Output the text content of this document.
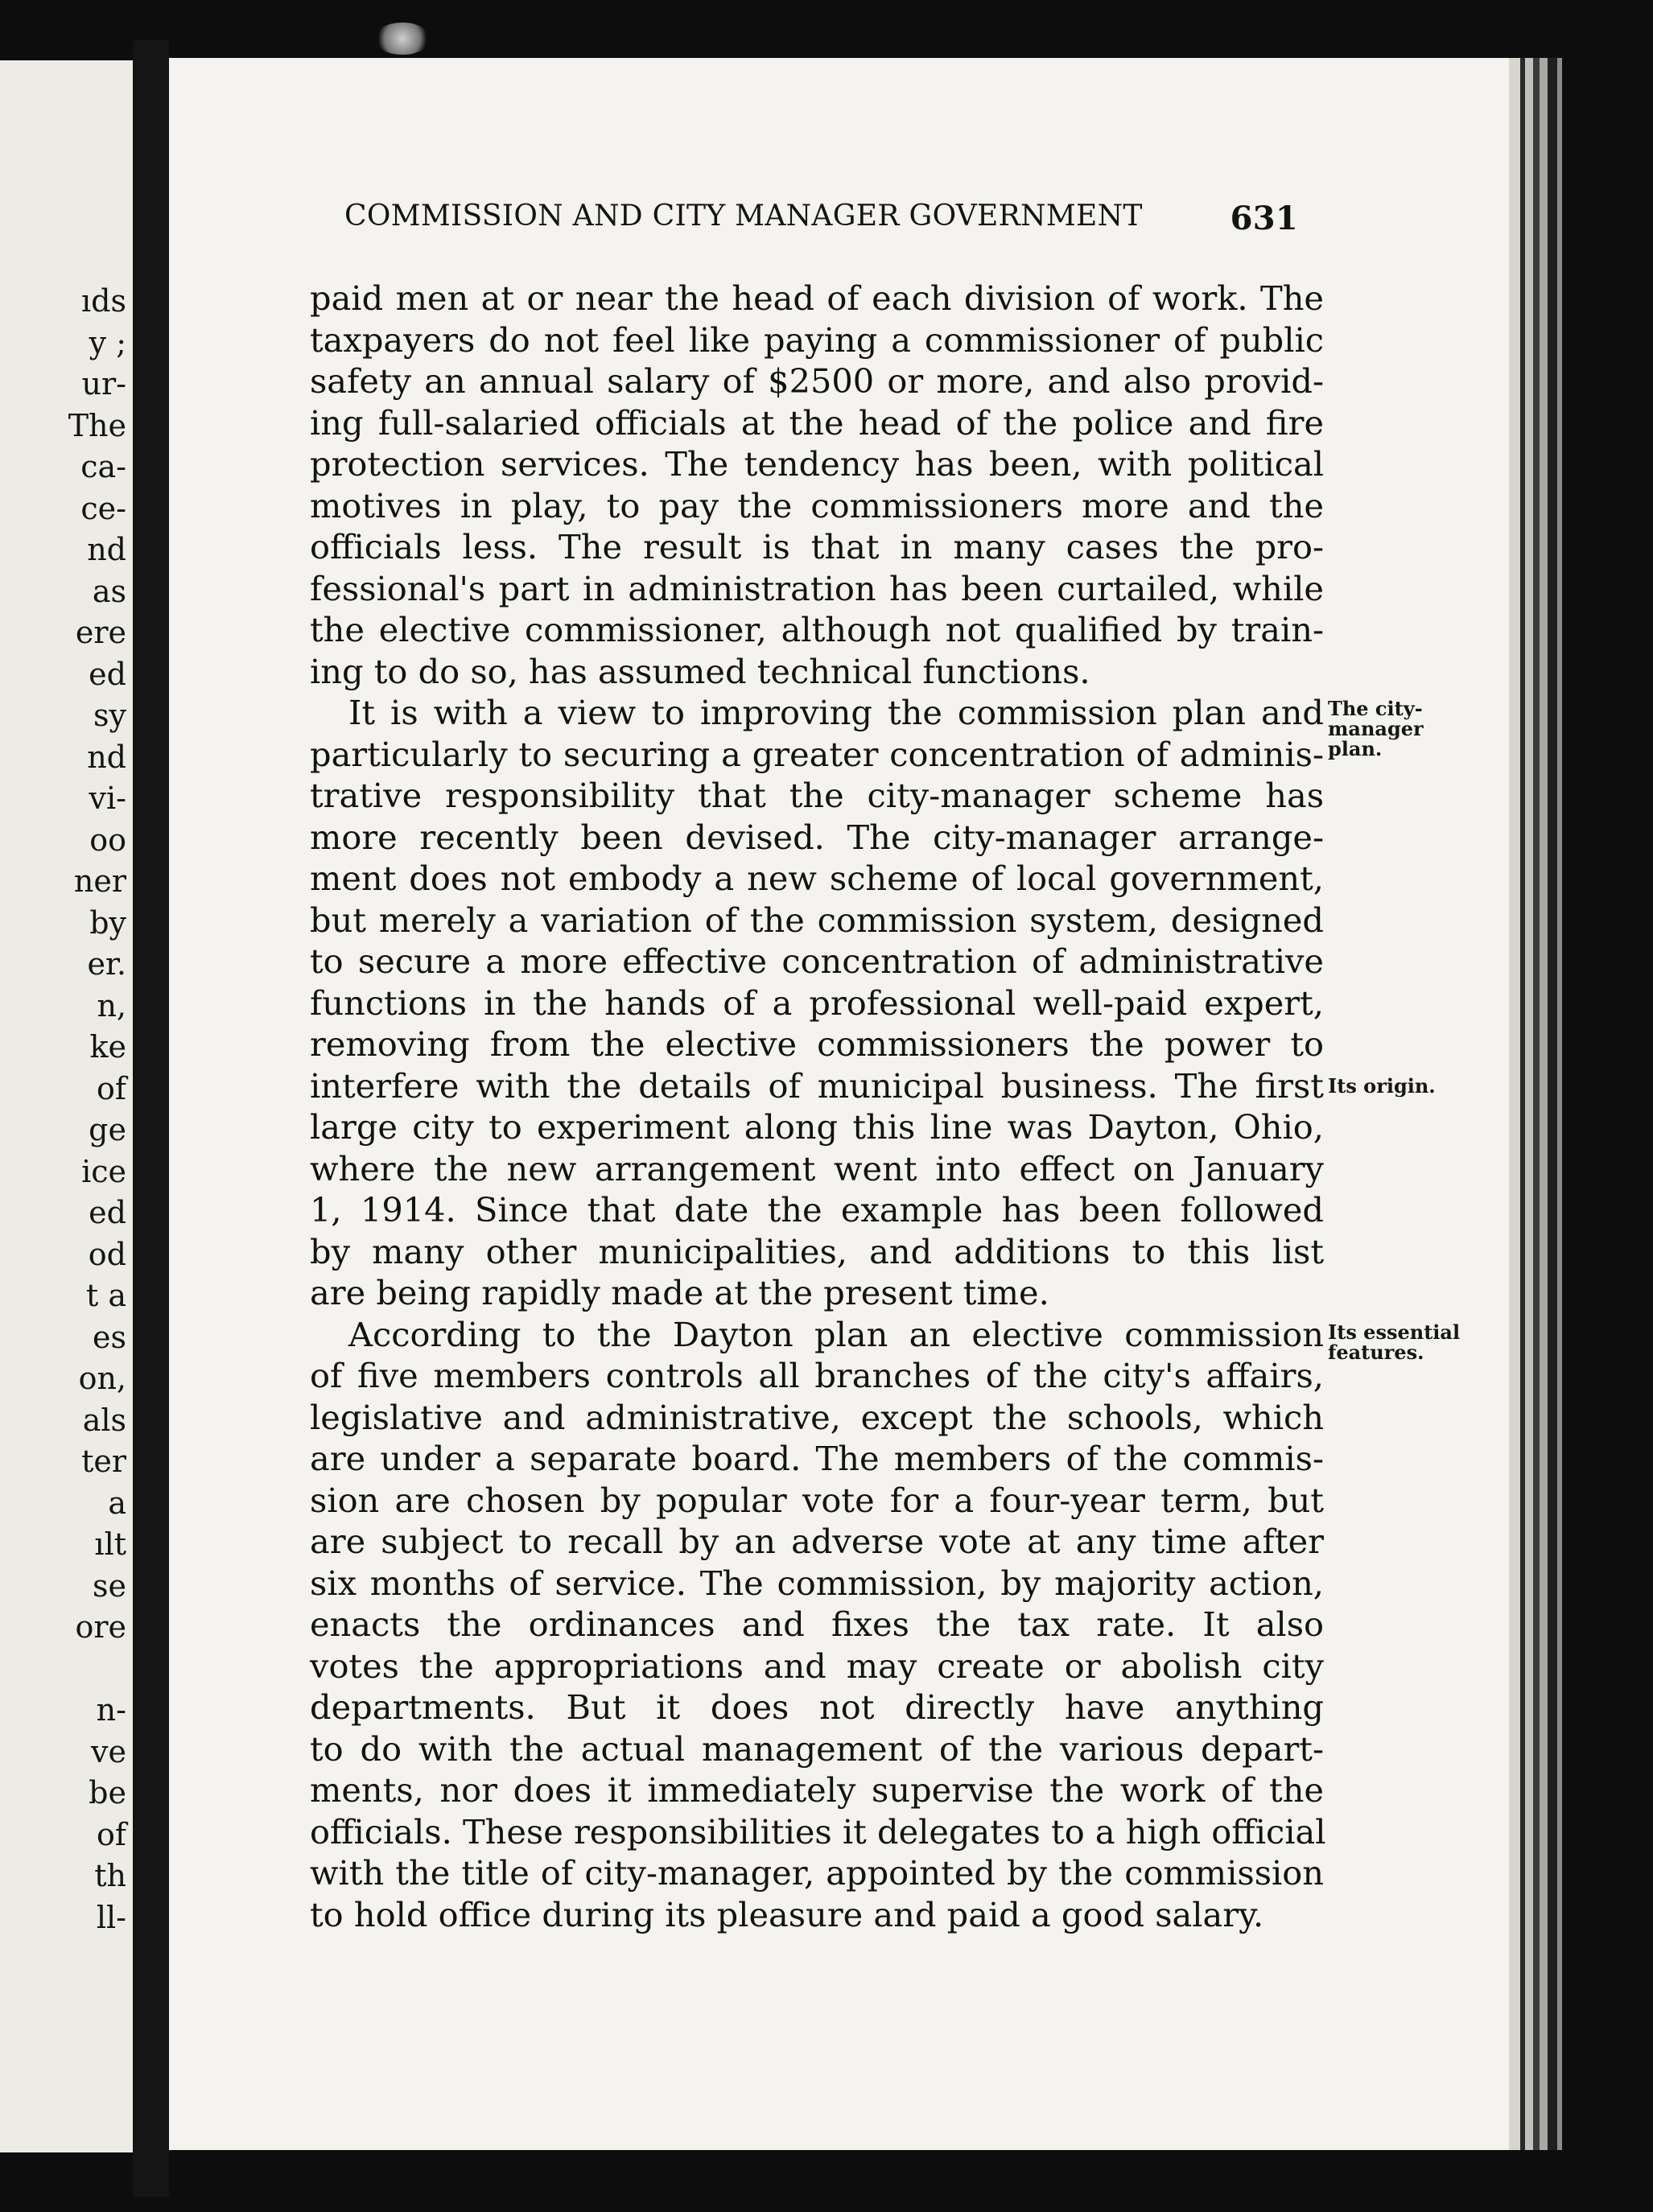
ıds

y ;

ur-

The

ca-

ce-

nd

as

ere

ed

sy

nd

vi-

oo

ner

by

er.

n,

ke

of

ge

ice

ed

od

t a

es

on,

als

ter

a

ılt

se

ore

n-

ve

be

of

th

ll-

COMMISSION AND CITY MANAGER GOVERNMENT	631
paid men at or near the head of each division of work. The
taxpayers do not feel like paying a commissioner of public
safety an annual salary of $2500 or more, and also provid-
ing full-salaried officials at the head of the police and fire
protection services. The tendency has been, with political
motives in play, to pay the commissioners more and the
officials less. The result is that in many cases the pro-
fessional's part in administration has been curtailed, while
the elective commissioner, although not qualified by train-
ing to do so, has assumed technical functions.
It is with a view to improving the commission plan and
particularly to securing a greater concentration of adminis-
trative responsibility that the city-manager scheme has
more recently been devised. The city-manager arrange-
ment does not embody a new scheme of local government,
but merely a variation of the commission system, designed
to secure a more effective concentration of administrative
functions in the hands of a professional well-paid expert,
removing from the elective commissioners the power to
interfere with the details of municipal business. The first
large city to experiment along this line was Dayton, Ohio,
where the new arrangement went into effect on January
1, 1914. Since that date the example has been followed
by many other municipalities, and additions to this list
are being rapidly made at the present time.
According to the Dayton plan an elective commission
of five members controls all branches of the city's affairs,
legislative and administrative, except the schools, which
are under a separate board. The members of the commis-
sion are chosen by popular vote for a four-year term, but
are subject to recall by an adverse vote at any time after
six months of service. The commission, by majority action,
enacts the ordinances and fixes the tax rate. It also
votes the appropriations and may create or abolish city
departments. But it does not directly have anything
to do with the actual management of the various depart-
ments, nor does it immediately supervise the work of the
officials. These responsibilities it delegates to a high official
with the title of city-manager, appointed by the commission
to hold office during its pleasure and paid a good salary.
The city-
manager
plan.
Its origin.
Its essential
features.
